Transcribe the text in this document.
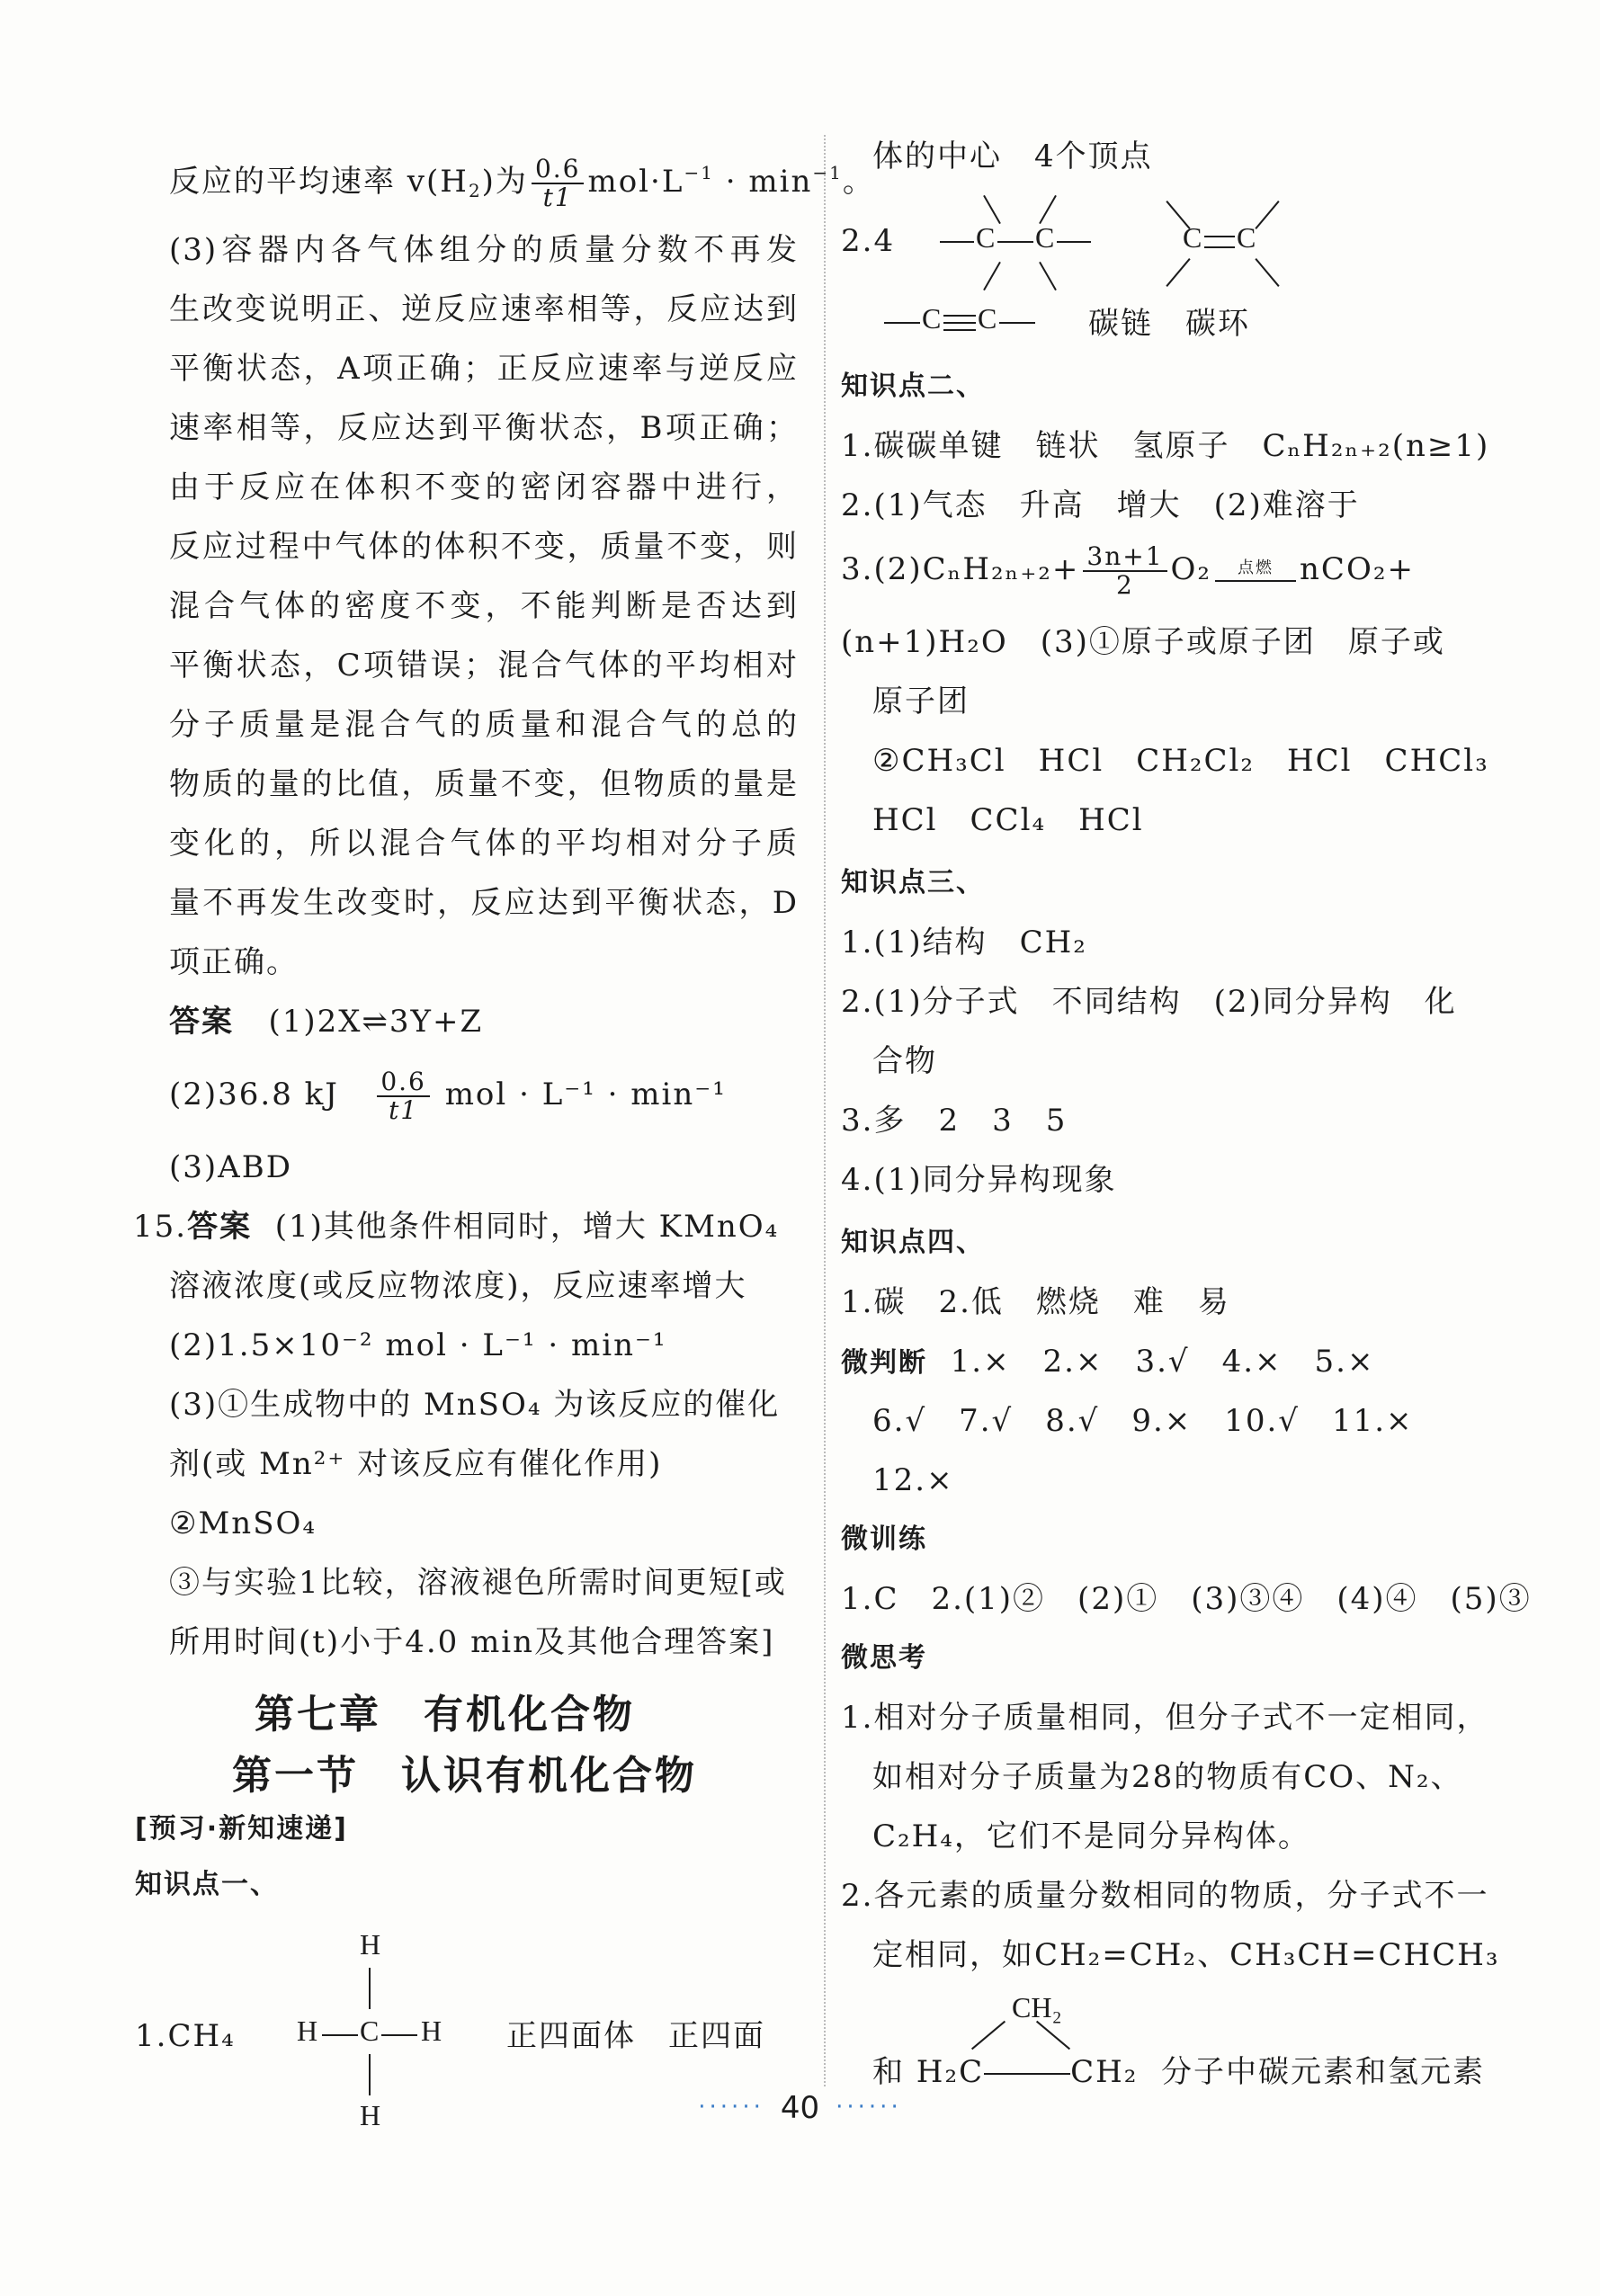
反应的平均速率 $v(H_2)$为 $\frac{0.6}{t1} mol\cdot L^{-1} \cdot \min^{-1}$。
(3)容器内各气体组分的质量分数不再发
生改变说明正、逆反应速率相等，反应达到
平衡状态，A项正确；正反应速率与逆反应
速率相等，反应达到平衡状态，B项正确；
由于反应在体积不变的密闭容器中进行，
反应过程中气体的体积不变，质量不变，则
混合气体的密度不变，不能判断是否达到
平衡状态，C项错误；混合气体的平均相对
分子质量是混合气的质量和混合气的总的
物质的量的比值，质量不变，但物质的量是
变化的，所以混合气体的平均相对分子质
量不再发生改变时，反应达到平衡状态，D
项正确。
答案 (1)2X⇌3Y+Z
(2)36.8 kJ $\frac{0.6}{t1}$ mol · L⁻¹ · min⁻¹
(3)ABD
15.答案 (1)其他条件相同时，增大 KMnO₄
溶液浓度(或反应物浓度)，反应速率增大
(2)1.5×10⁻² mol · L⁻¹ · min⁻¹
(3)①生成物中的 MnSO₄ 为该反应的催化
剂(或 Mn²⁺ 对该反应有催化作用)
②MnSO₄
③与实验1比较，溶液褪色所需时间更短[或
所用时间(t)小于4.0 min及其他合理答案]
第七章　有机化合物
第一节　认识有机化合物
[预习·新知速递]
知识点一、
1.CH₄
H
H C H
H
正四面体　正四面
体的中心　4个顶点
2.4	C C	C C
C C	碳链　碳环
知识点二、
1.碳碳单键　链状　氢原子　CₙH₂ₙ₊₂(n≥1)
2.(1)气态　升高　增大　(2)难溶于
$3.(2)C_nH_{2n+2}+ \frac{3n+1}{2} O_2$	点燃 nCO₂+
(n+1)H₂O　(3)①原子或原子团　原子或
原子团
②CH₃Cl　HCl　CH₂Cl₂　HCl　CHCl₃
HCl　CCl₄　HCl
知识点三、
1.(1)结构　CH₂
2.(1)分子式　不同结构　(2)同分异构　化
合物
3.多　2　3　5
4.(1)同分异构现象
知识点四、
1.碳　2.低　燃烧　难　易
微判断 1.×　2.×　3.√　4.×　5.×
6.√　7.√　8.√　9.×　10.√　11.×
12.×
微训练
1.C　2.(1)②　(2)①　(3)③④　(4)④　(5)③
微思考
1.相对分子质量相同，但分子式不一定相同，
如相对分子质量为28的物质有CO、N₂、
C₂H₄，它们不是同分异构体。
2.各元素的质量分数相同的物质，分子式不一
定相同，如CH₂=CH₂、CH₃CH=CHCH₃
CH₂
和 H₂C	CH₂ 分子中碳元素和氢元素
······ 40 ······
